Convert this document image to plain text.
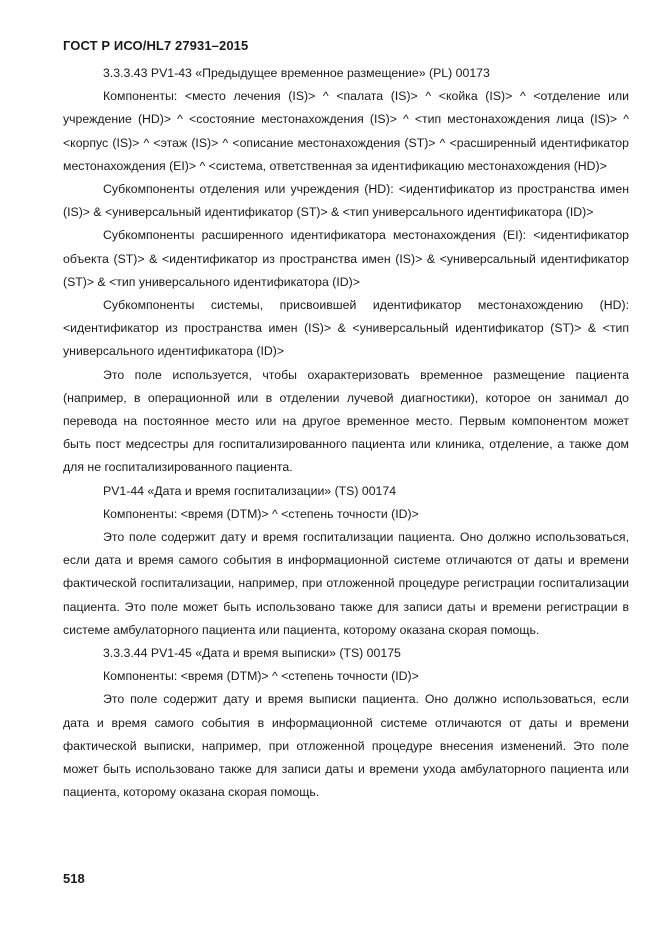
ГОСТ Р ИСО/HL7 27931–2015

3.3.3.43 PV1-43 «Предыдущее временное размещение» (PL) 00173

Компоненты: <место лечения (IS)> ^ <палата (IS)> ^ <койка (IS)> ^ <отделение или учреждение (HD)> ^ <состояние местонахождения (IS)> ^ <тип местонахождения лица (IS)> ^ <корпус (IS)> ^ <этаж (IS)> ^ <описание местонахождения (ST)> ^ <расширенный идентификатор местонахождения (EI)> ^ <система, ответственная за идентификацию местонахождения (HD)>

Субкомпоненты отделения или учреждения (HD): <идентификатор из пространства имен (IS)> & <универсальный идентификатор (ST)> & <тип универсального идентификатора (ID)>

Субкомпоненты расширенного идентификатора местонахождения (EI): <идентификатор объекта (ST)> & <идентификатор из пространства имен (IS)> & <универсальный идентификатор (ST)> & <тип универсального идентификатора (ID)>

Субкомпоненты системы, присвоившей идентификатор местонахождению (HD): <идентификатор из пространства имен (IS)> & <универсальный идентификатор (ST)> & <тип универсального идентификатора (ID)>

Это поле используется, чтобы охарактеризовать временное размещение пациента (например, в операционной или в отделении лучевой диагностики), которое он занимал до перевода на постоянное место или на другое временное место. Первым компонентом может быть пост медсестры для госпитализированного пациента или клиника, отделение, а также дом для не госпитализированного пациента.

PV1-44 «Дата и время госпитализации» (TS) 00174

Компоненты: <время (DTM)> ^ <степень точности (ID)>

Это поле содержит дату и время госпитализации пациента. Оно должно использоваться, если дата и время самого события в информационной системе отличаются от даты и времени фактической госпитализации, например, при отложенной процедуре регистрации госпитализации пациента. Это поле может быть использовано также для записи даты и времени регистрации в системе амбулаторного пациента или пациента, которому оказана скорая помощь.

3.3.3.44 PV1-45 «Дата и время выписки» (TS) 00175

Компоненты: <время (DTM)> ^ <степень точности (ID)>

Это поле содержит дату и время выписки пациента. Оно должно использоваться, если дата и время самого события в информационной системе отличаются от даты и времени фактической выписки, например, при отложенной процедуре внесения изменений. Это поле может быть использовано также для записи даты и времени ухода амбулаторного пациента или пациента, которому оказана скорая помощь.

518
